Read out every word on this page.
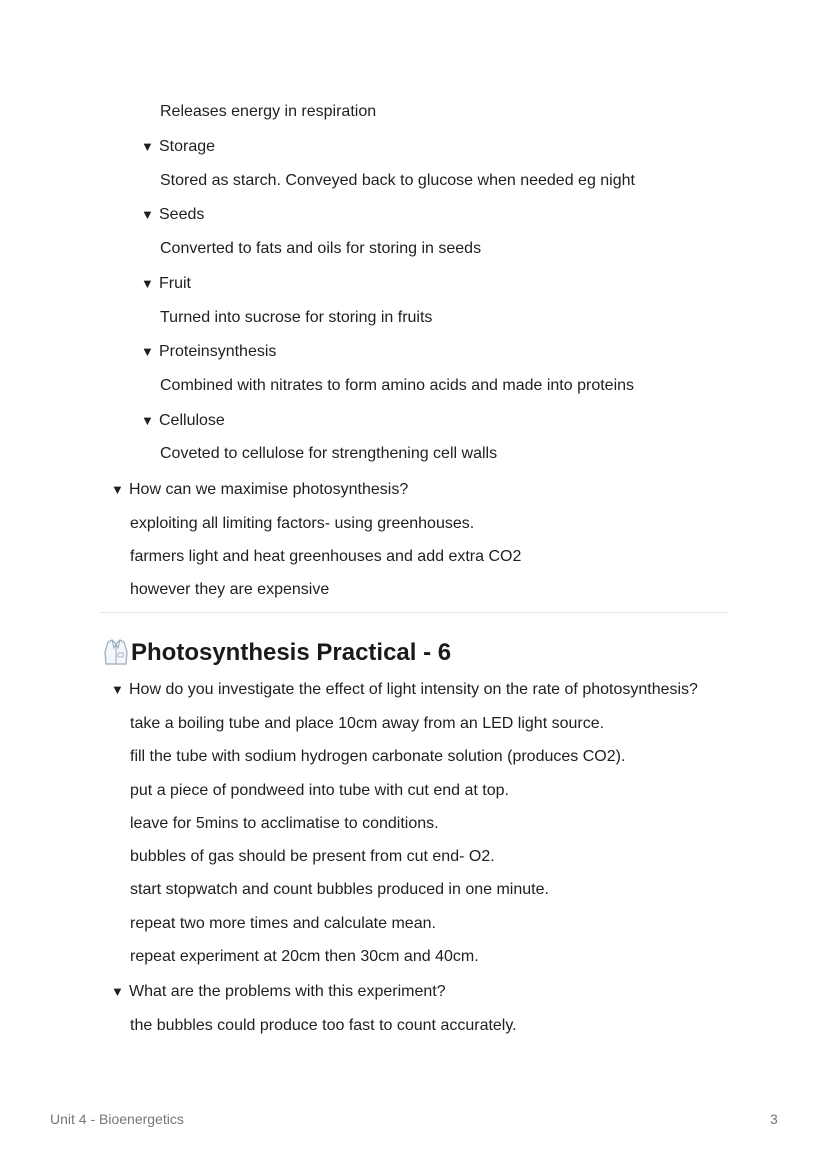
Releases energy in respiration
▼ Storage
Stored as starch. Conveyed back to glucose when needed eg night
▼ Seeds
Converted to fats and oils for storing in seeds
▼ Fruit
Turned into sucrose for storing in fruits
▼ Proteinsynthesis
Combined with nitrates to form amino acids and made into proteins
▼ Cellulose
Coveted to cellulose for strengthening cell walls
▼ How can we maximise photosynthesis?
exploiting all limiting factors- using greenhouses.
farmers light and heat greenhouses and add extra CO2
however they are expensive
Photosynthesis Practical - 6
▼ How do you investigate the effect of light intensity on the rate of photosynthesis?
take a boiling tube and place 10cm away from an LED light source.
fill the tube with sodium hydrogen carbonate solution (produces CO2).
put a piece of pondweed into tube with cut end at top.
leave for 5mins to acclimatise to conditions.
bubbles of gas should be present from cut end- O2.
start stopwatch and count bubbles produced in one minute.
repeat two more times and calculate mean.
repeat experiment at 20cm then 30cm and 40cm.
▼ What are the problems with this experiment?
the bubbles could produce too fast to count accurately.
Unit 4 - Bioenergetics	3
